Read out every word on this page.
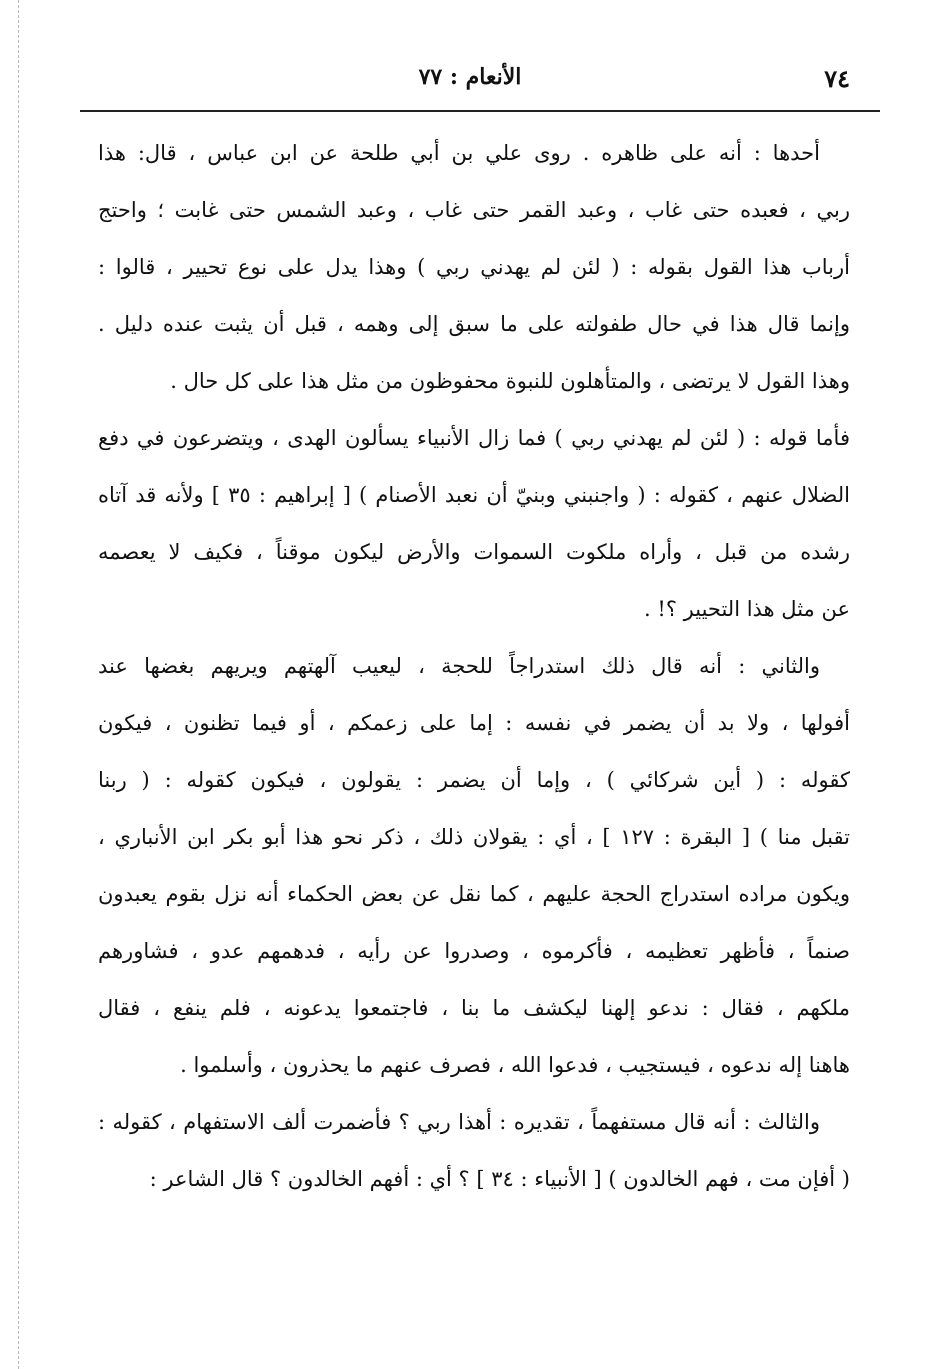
٧٤
الأنعام : ٧٧
أحدها : أنه على ظاهره . روى علي بن أبي طلحة عن ابن عباس ، قال: هذا
ربي ، فعبده حتى غاب ، وعبد القمر حتى غاب ، وعبد الشمس حتى غابت ؛ واحتج
أرباب هذا القول بقوله : ( لئن لم يهدني ربي ) وهذا يدل على نوع تحيير ، قالوا :
وإنما قال هذا في حال طفولته على ما سبق إلى وهمه ، قبل أن يثبت عنده دليل .
وهذا القول لا يرتضى ، والمتأهلون للنبوة محفوظون من مثل هذا على كل حال .
فأما قوله : ( لئن لم يهدني ربي ) فما زال الأنبياء يسألون الهدى ، ويتضرعون في دفع
الضلال عنهم ، كقوله : ( واجنبني وبنيّ أن نعبد الأصنام ) [ إبراهيم : ٣٥ ] ولأنه قد آتاه
رشده من قبل ، وأراه ملكوت السموات والأرض ليكون موقناً ، فكيف لا يعصمه
عن مثل هذا التحيير ؟! .
والثاني : أنه قال ذلك استدراجاً للحجة ، ليعيب آلهتهم ويريهم بغضها عند
أفولها ، ولا بد أن يضمر في نفسه : إما على زعمكم ، أو فيما تظنون ، فيكون
كقوله : ( أين شركائي ) ، وإما أن يضمر : يقولون ، فيكون كقوله : ( ربنا
تقبل منا ) [ البقرة : ١٢٧ ] ، أي : يقولان ذلك ، ذكر نحو هذا أبو بكر ابن الأنباري ،
ويكون مراده استدراج الحجة عليهم ، كما نقل عن بعض الحكماء أنه نزل بقوم يعبدون
صنماً ، فأظهر تعظيمه ، فأكرموه ، وصدروا عن رأيه ، فدهمهم عدو ، فشاورهم
ملكهم ، فقال : ندعو إلهنا ليكشف ما بنا ، فاجتمعوا يدعونه ، فلم ينفع ، فقال
هاهنا إله ندعوه ، فيستجيب ، فدعوا الله ، فصرف عنهم ما يحذرون ، وأسلموا .
والثالث : أنه قال مستفهماً ، تقديره : أهذا ربي ؟ فأضمرت ألف الاستفهام ، كقوله :
( أفإن مت ، فهم الخالدون ) [ الأنبياء : ٣٤ ] ؟ أي : أفهم الخالدون ؟ قال الشاعر :
